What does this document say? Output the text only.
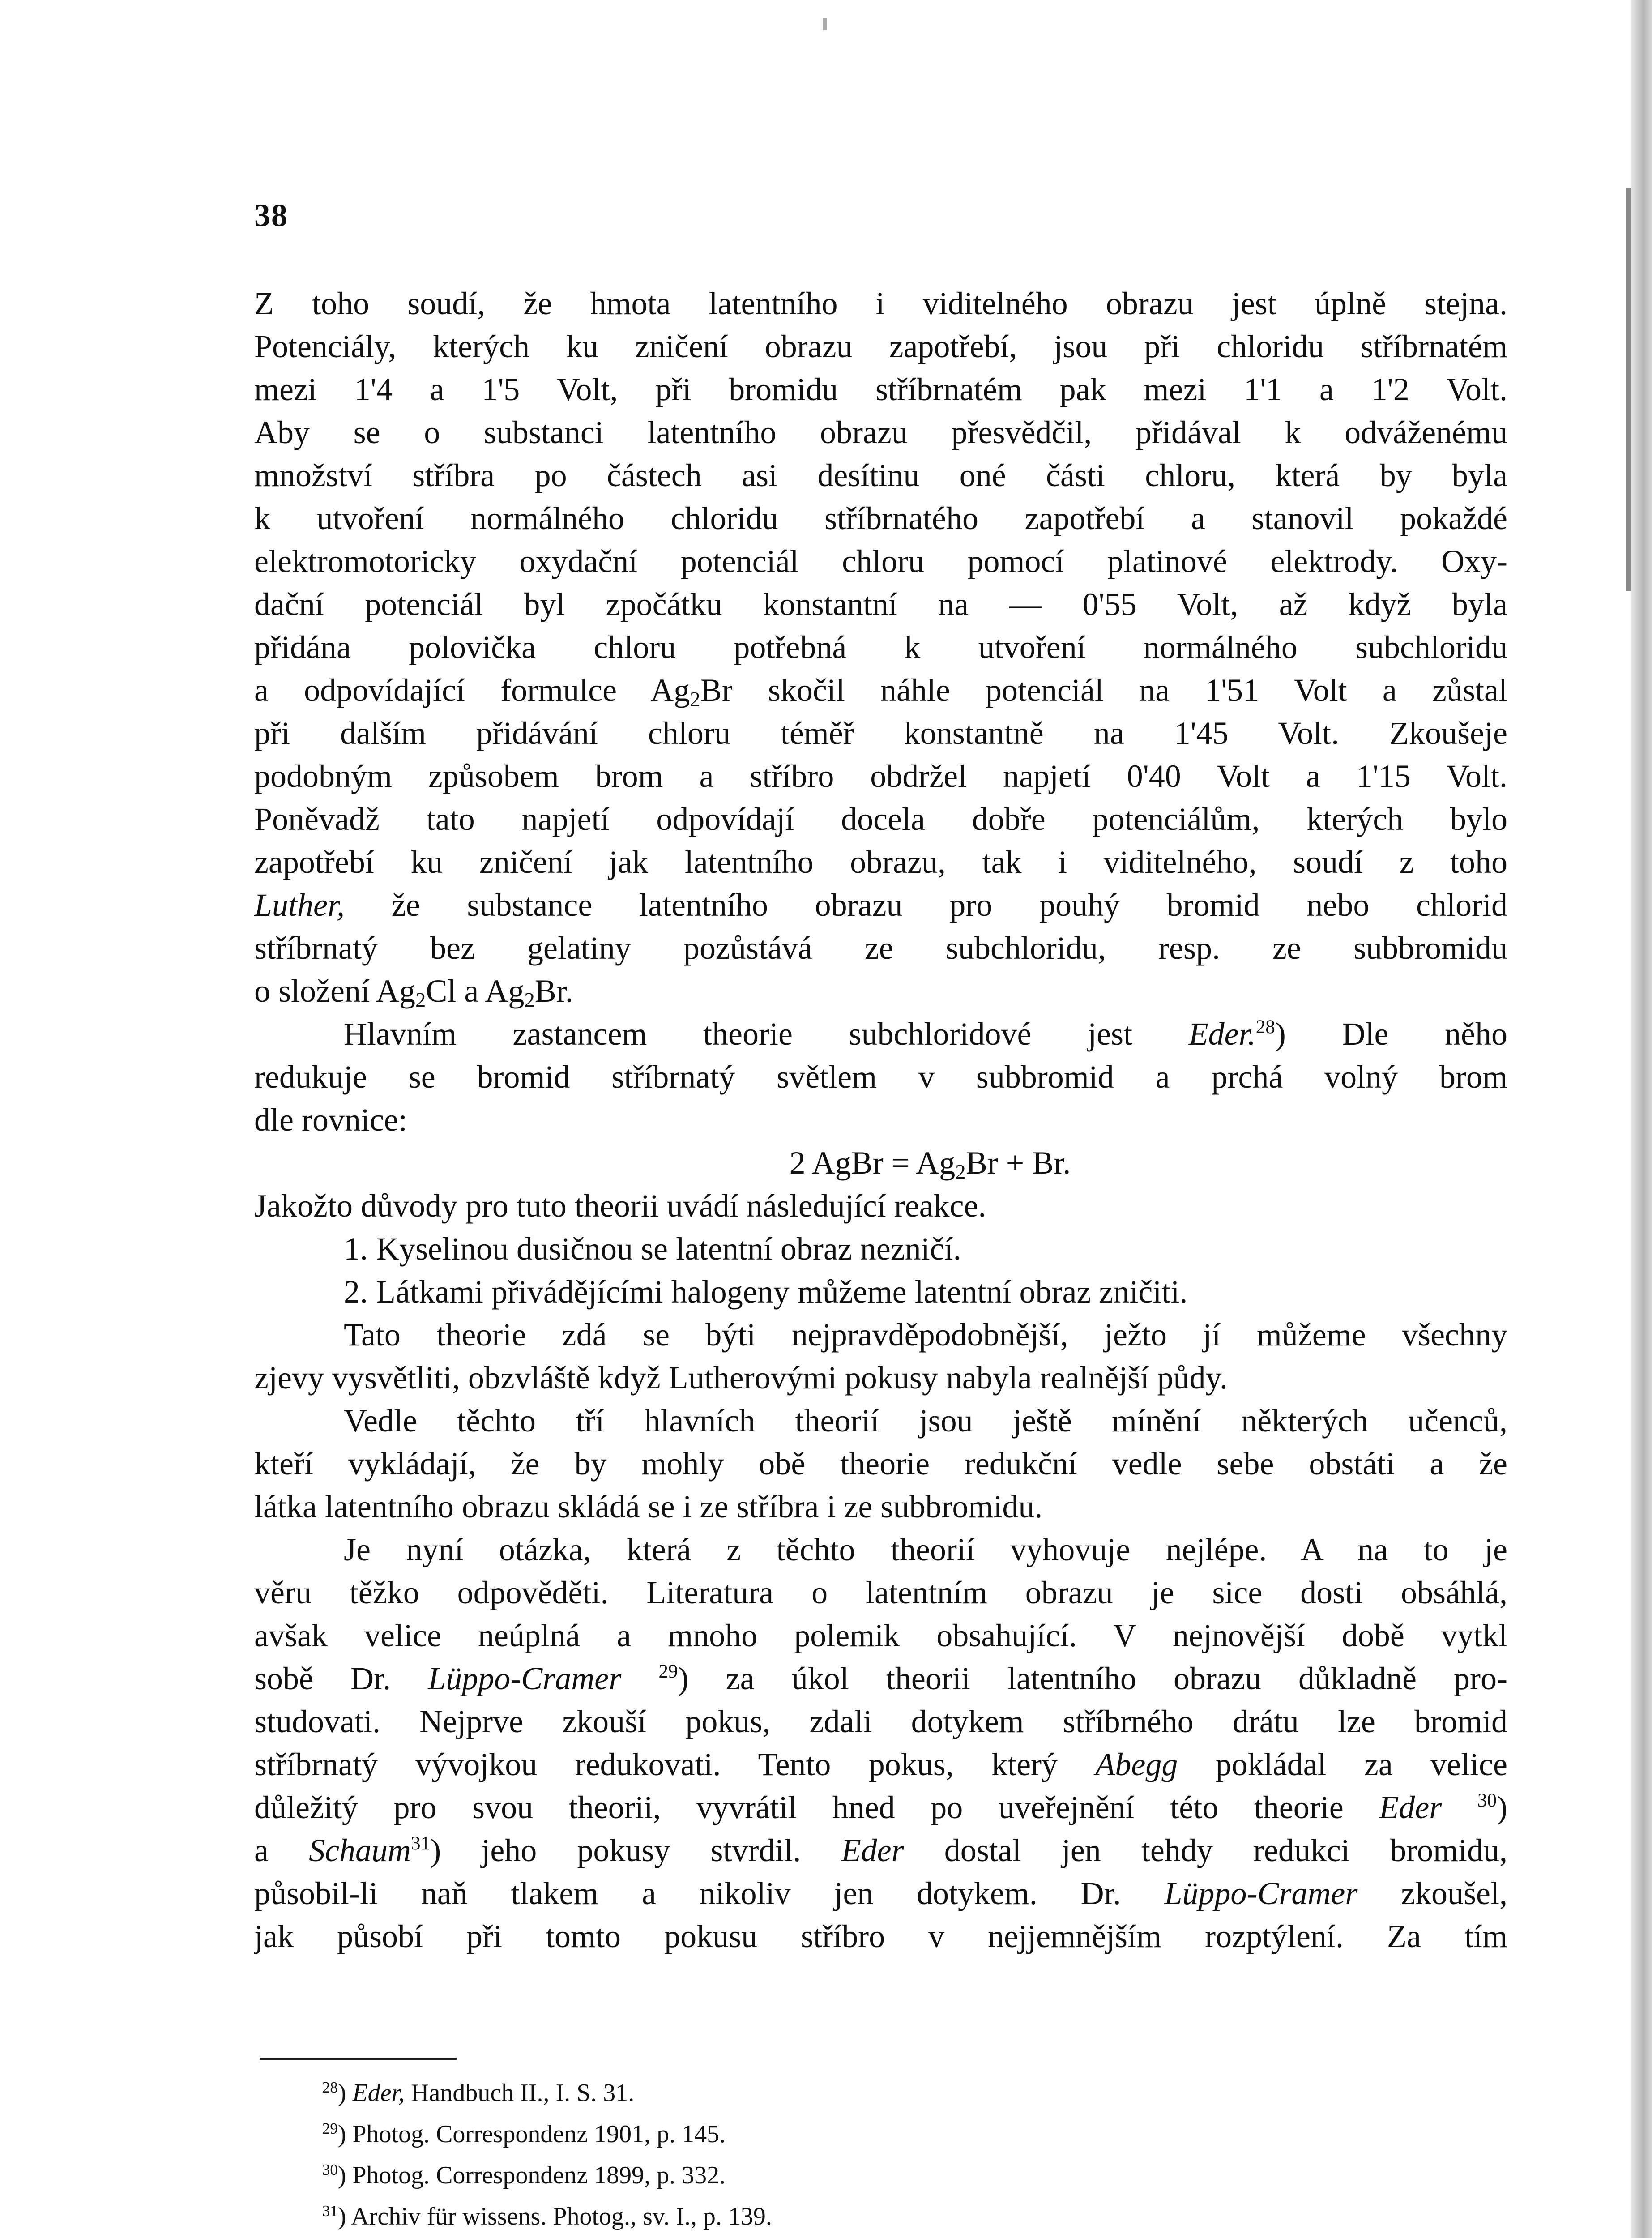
38

Z toho soudí, že hmota latentního i viditelného obrazu jest úplně stejna.
Potenciály, kterých ku zničení obrazu zapotřebí, jsou při chloridu stříbrnatém
mezi 1'4 a 1'5 Volt, při bromidu stříbrnatém pak mezi 1'1 a 1'2 Volt.
Aby se o substanci latentního obrazu přesvědčil, přidával k odváženému
množství stříbra po částech asi desítinu oné části chloru, která by byla
k utvoření normálného chloridu stříbrnatého zapotřebí a stanovil pokaždé
elektromotoricky oxydační potenciál chloru pomocí platinové elektrody. Oxy-
dační potenciál byl zpočátku konstantní na — 0'55 Volt, až když byla
přidána polovička chloru potřebná k utvoření normálného subchloridu
a odpovídající formulce $Ag_2Br$ skočil náhle potenciál na 1'51 Volt a zůstal
při dalším přidávání chloru téměř konstantně na 1'45 Volt. Zkoušeje
podobným způsobem brom a stříbro obdržel napjetí 0'40 Volt a 1'15 Volt.
Poněvadž tato napjetí odpovídají docela dobře potenciálům, kterých bylo
zapotřebí ku zničení jak latentního obrazu, tak i viditelného, soudí z toho
Luther, že substance latentního obrazu pro pouhý bromid nebo chlorid
stříbrnatý bez gelatiny pozůstává ze subchloridu, resp. ze subbromidu
o složení $Ag_2Cl$ a $Ag_2Br$.

Hlavním zastancem theorie subchloridové jest Eder.$^{28}$) Dle něho
redukuje se bromid stříbrnatý světlem v subbromid a prchá volný brom
dle rovnice:
2 AgBr = $Ag_2Br + Br$.

Jakožto důvody pro tuto theorii uvádí následující reakce.
1. Kyselinou dusičnou se latentní obraz nezničí.
2. Látkami přivádějícími halogeny můžeme latentní obraz zničiti.

Tato theorie zdá se býti nejpravděpodobnější, ježto jí můžeme všechny
zjevy vysvětliti, obzvláště když Lutherovými pokusy nabyla realnější půdy.

Vedle těchto tří hlavních theorií jsou ještě mínění některých učenců,
kteří vykládají, že by mohly obě theorie redukční vedle sebe obstáti a že
látka latentního obrazu skládá se i ze stříbra i ze subbromidu.

Je nyní otázka, která z těchto theorií vyhovuje nejlépe. A na to je
věru těžko odpověděti. Literatura o latentním obrazu je sice dosti obsáhlá,
avšak velice neúplná a mnoho polemik obsahující. V nejnovější době vytkl
sobě Dr. Lüppo-Cramer $^{29}$) za úkol theorii latentního obrazu důkladně pro-
studovati. Nejprve zkouší pokus, zdali dotykem stříbrného drátu lze bromid
stříbrnatý vývojkou redukovati. Tento pokus, který Abegg pokládal za velice
důležitý pro svou theorii, vyvrátil hned po uveřejnění této theorie Eder $^{30}$)
a Schaum$^{31}$) jeho pokusy stvrdil. Eder dostal jen tehdy redukci bromidu,
působil-li naň tlakem a nikoliv jen dotykem. Dr. Lüppo-Cramer zkoušel,
jak působí při tomto pokusu stříbro v nejjemnějším rozptýlení. Za tím

$^{28}$) Eder, Handbuch II., I. S. 31.
$^{29}$) Photog. Correspondenz 1901, p. 145.
$^{30}$) Photog. Correspondenz 1899, p. 332.
$^{31}$) Archiv für wissens. Photog., sv. I., p. 139.
